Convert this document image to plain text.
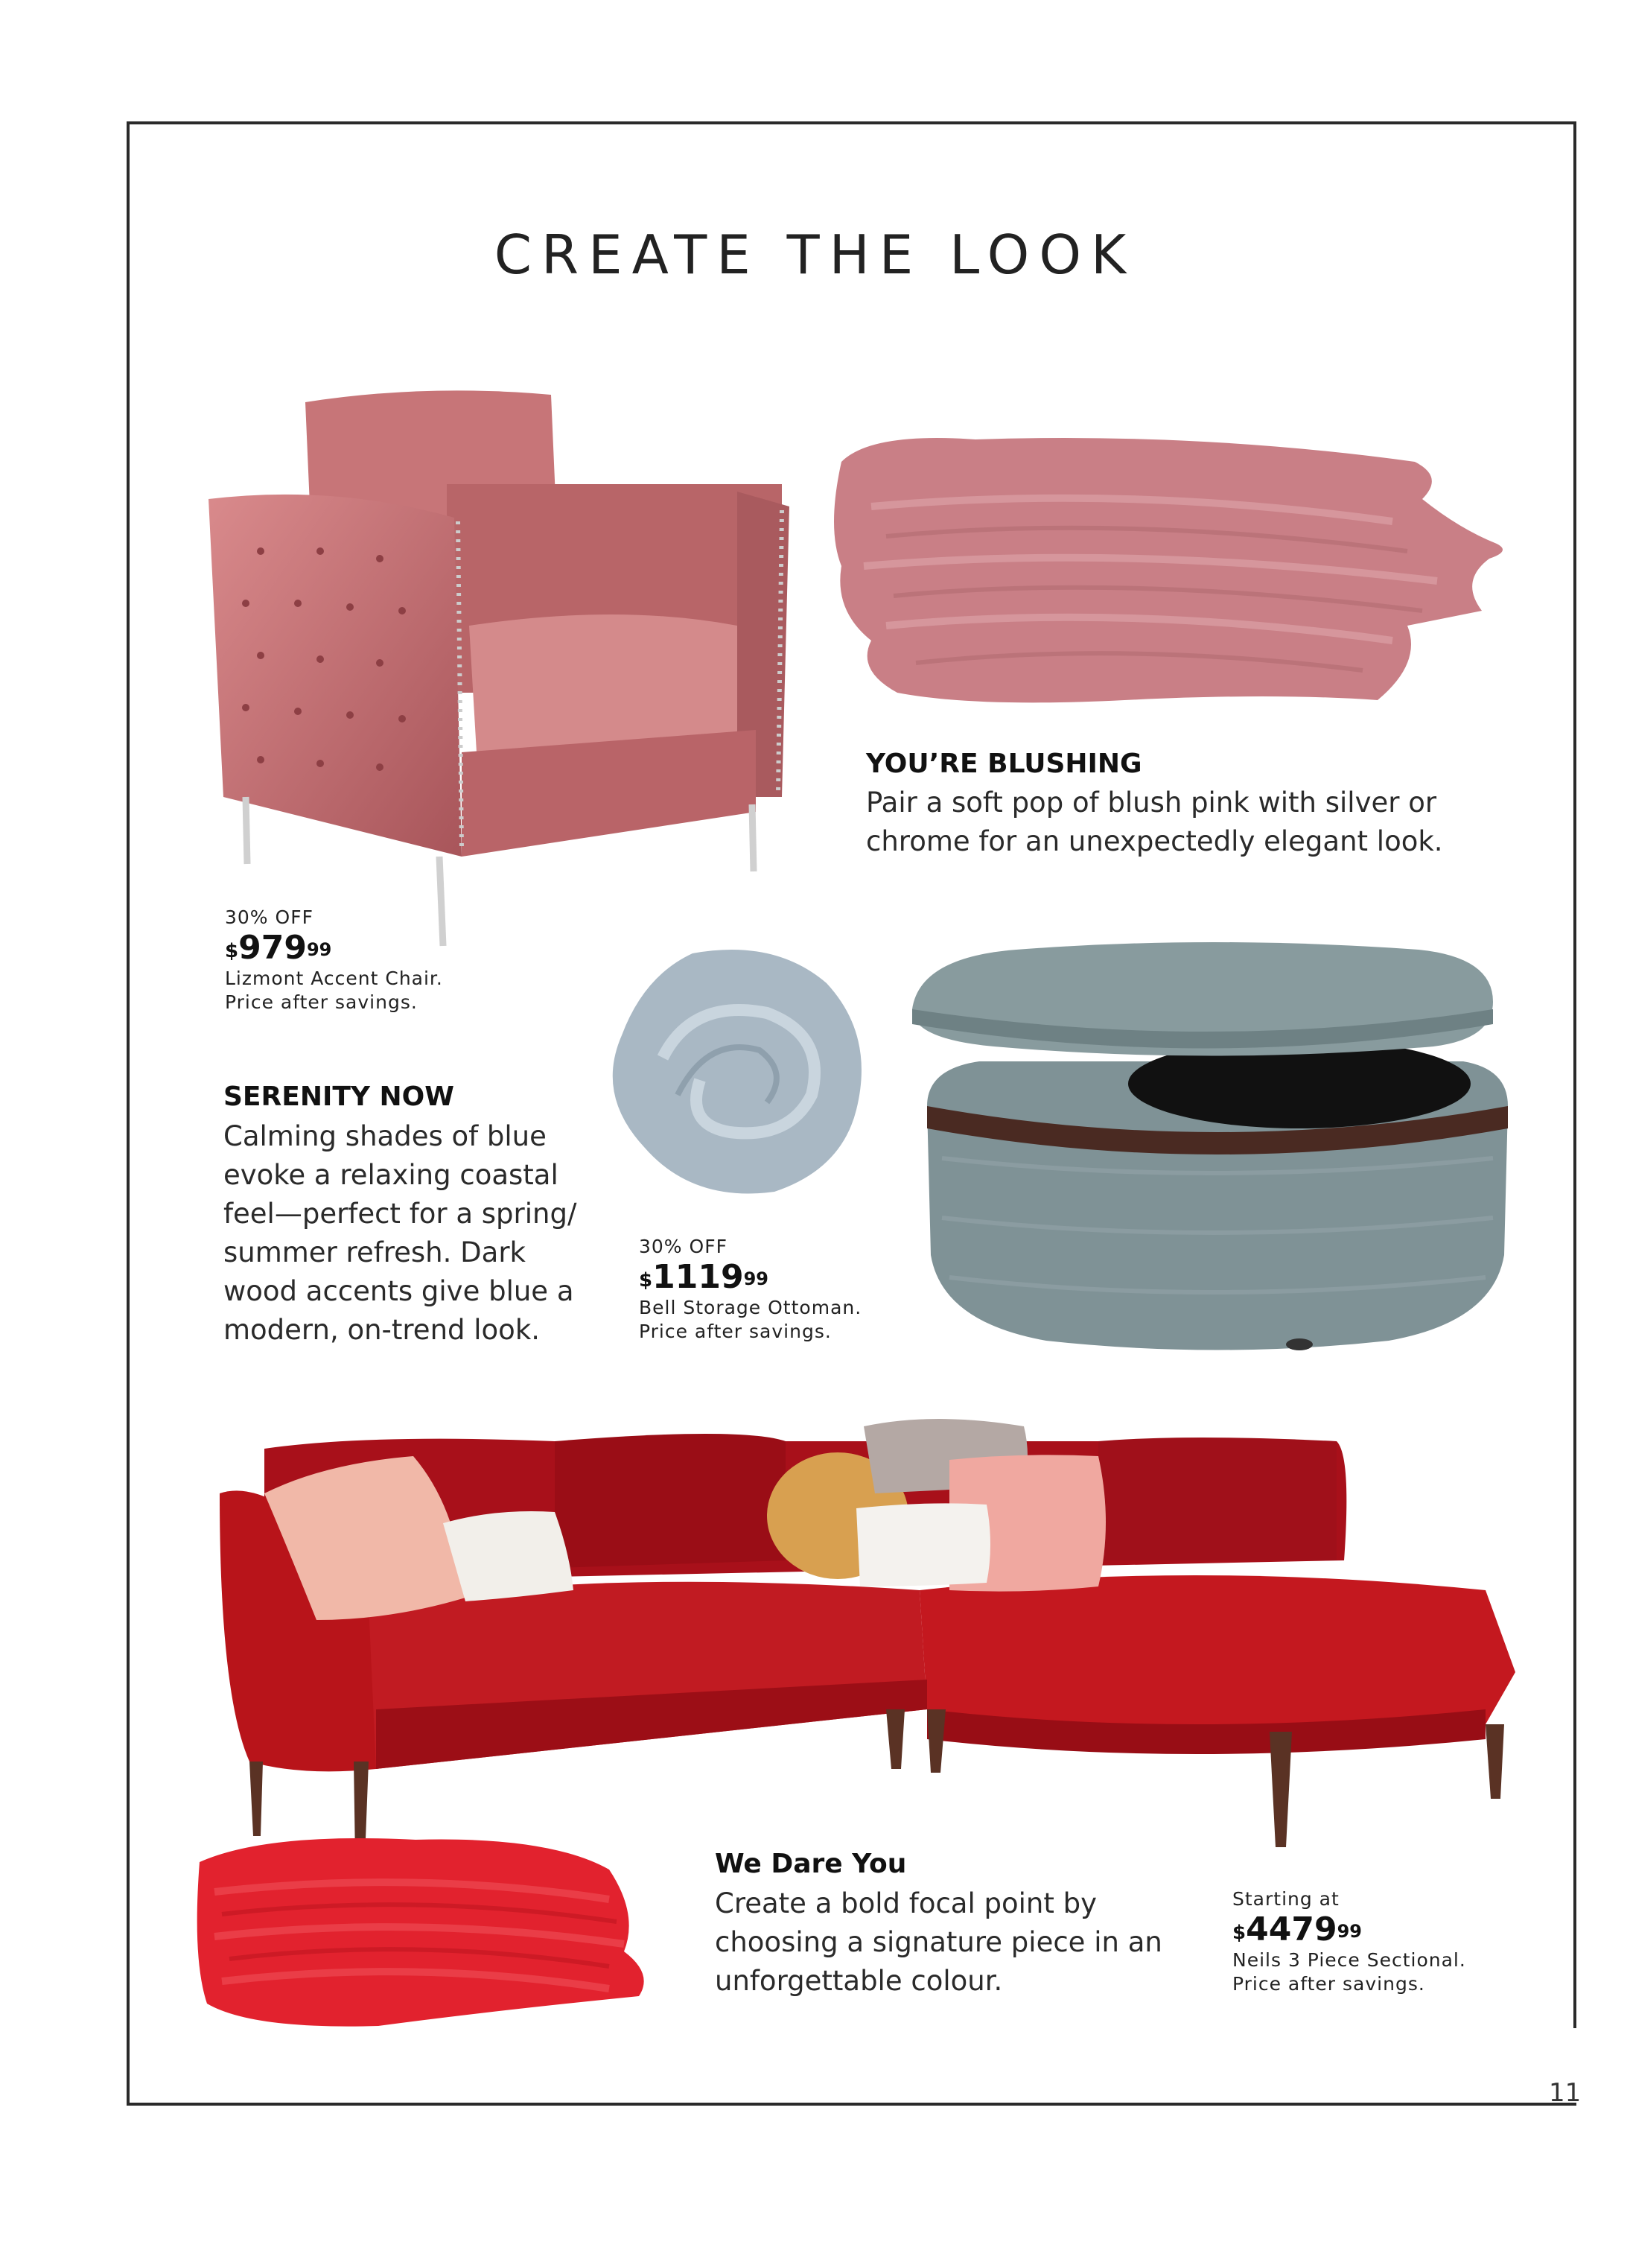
CREATE THE LOOK
YOU’RE BLUSHING

Pair a soft pop of blush pink with silver or

chrome for an unexpectedly elegant look.

30% OFF
$^{\$}979^{99}$
Lizmont Accent Chair.
Price after savings.
SERENITY NOW

Calming shades of blue

evoke a relaxing coastal

feel—perfect for a spring/

summer refresh. Dark

wood accents give blue a

modern, on-trend look.

30% OFF
$1119$^{99}$
Bell Storage Ottoman.
Price after savings.
We Dare You

Create a bold focal point by

choosing a signature piece in an

unforgettable colour.

Starting at
$4479$^{99}$
Neils 3 Piece Sectional.
Price after savings.
11
